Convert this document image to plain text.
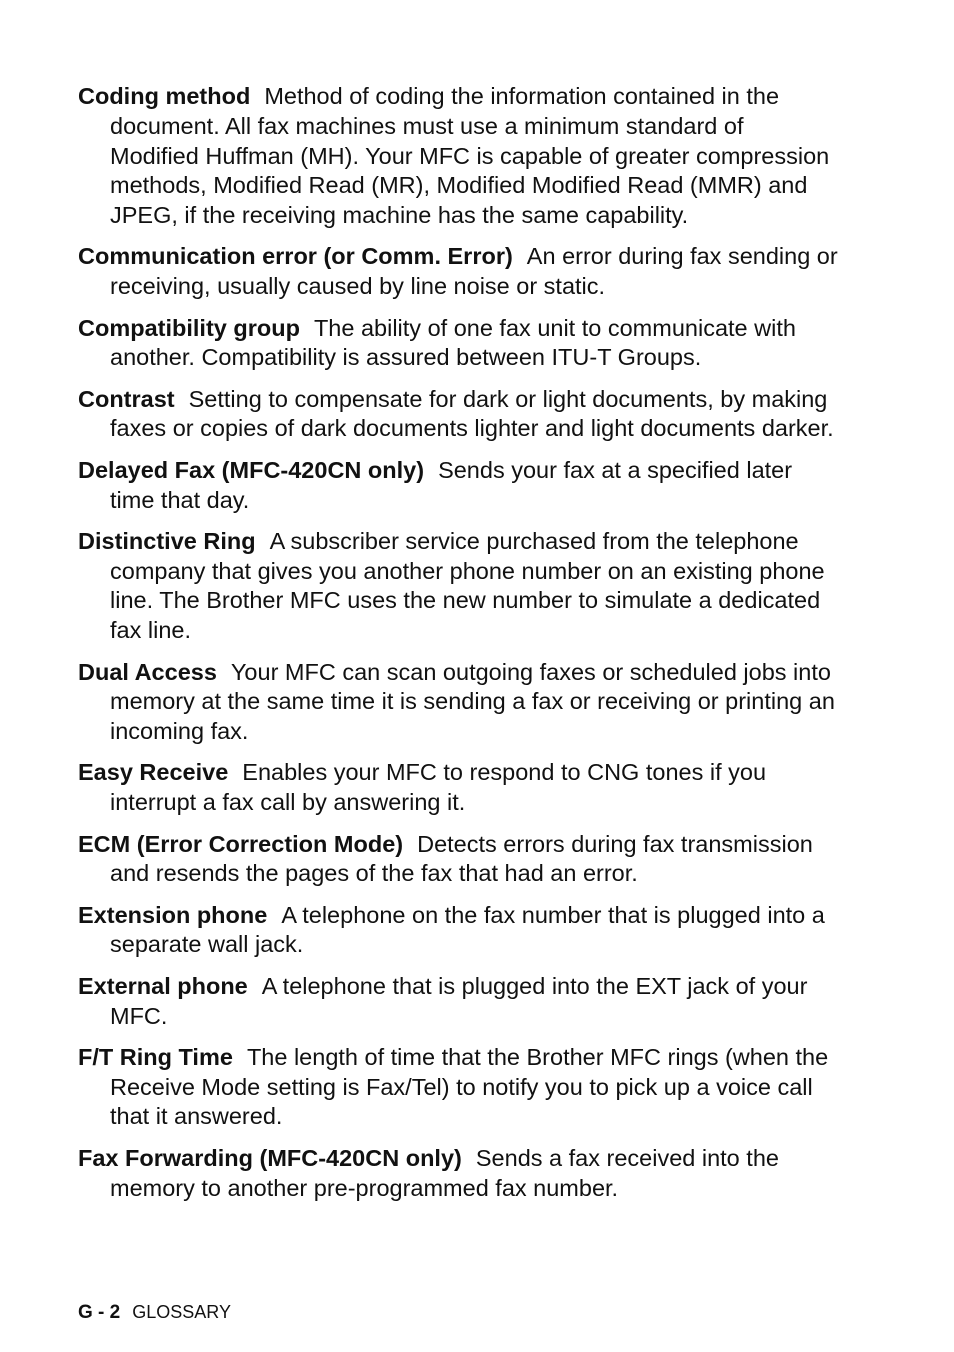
Coding method Method of coding the information contained in the document. All fax machines must use a minimum standard of Modified Huffman (MH). Your MFC is capable of greater compression methods, Modified Read (MR), Modified Modified Read (MMR) and JPEG, if the receiving machine has the same capability.

Communication error (or Comm. Error) An error during fax sending or receiving, usually caused by line noise or static.

Compatibility group The ability of one fax unit to communicate with another. Compatibility is assured between ITU-T Groups.

Contrast Setting to compensate for dark or light documents, by making faxes or copies of dark documents lighter and light documents darker.

Delayed Fax (MFC-420CN only) Sends your fax at a specified later time that day.

Distinctive Ring A subscriber service purchased from the telephone company that gives you another phone number on an existing phone line. The Brother MFC uses the new number to simulate a dedicated fax line.

Dual Access Your MFC can scan outgoing faxes or scheduled jobs into memory at the same time it is sending a fax or receiving or printing an incoming fax.

Easy Receive Enables your MFC to respond to CNG tones if you interrupt a fax call by answering it.

ECM (Error Correction Mode) Detects errors during fax transmission and resends the pages of the fax that had an error.

Extension phone A telephone on the fax number that is plugged into a separate wall jack.

External phone A telephone that is plugged into the EXT jack of your MFC.

F/T Ring Time The length of time that the Brother MFC rings (when the Receive Mode setting is Fax/Tel) to notify you to pick up a voice call that it answered.

Fax Forwarding (MFC-420CN only) Sends a fax received into the memory to another pre-programmed fax number.

G - 2 GLOSSARY
